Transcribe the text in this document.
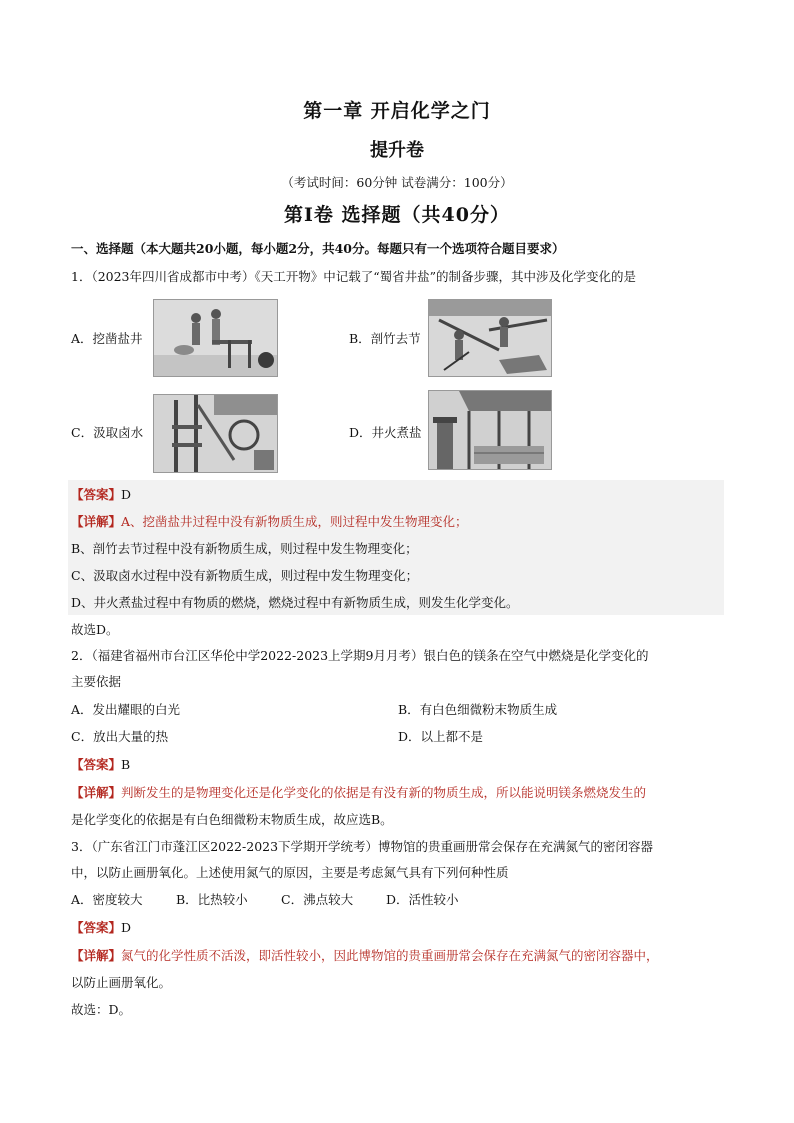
第一章 开启化学之门
提升卷
（考试时间：60分钟 试卷满分：100分）
第Ⅰ卷 选择题（共40分）
一、选择题（本大题共20小题，每小题2分，共40分。每题只有一个选项符合题目要求）
1．（2023年四川省成都市中考）《天工开物》中记载了“蜀省井盐”的制备步骤，其中涉及化学变化的是
A．挖凿盐井	B．剖竹去节
C．汲取卤水	D．井火煮盐
【答案】D
【详解】A、挖凿盐井过程中没有新物质生成，则过程中发生物理变化；
B、剖竹去节过程中没有新物质生成，则过程中发生物理变化；
C、汲取卤水过程中没有新物质生成，则过程中发生物理变化；
D、井火煮盐过程中有物质的燃烧，燃烧过程中有新物质生成，则发生化学变化。
故选D。
2．（福建省福州市台江区华伦中学2022-2023上学期9月月考）银白色的镁条在空气中燃烧是化学变化的
主要依据
A．发出耀眼的白光	B．有白色细微粉末物质生成
C．放出大量的热	D．以上都不是
【答案】B
【详解】判断发生的是物理变化还是化学变化的依据是有没有新的物质生成，所以能说明镁条燃烧发生的
是化学变化的依据是有白色细微粉末物质生成，故应选B。
3．（广东省江门市蓬江区2022-2023下学期开学统考）博物馆的贵重画册常会保存在充满氮气的密闭容器
中，以防止画册氧化。上述使用氮气的原因，主要是考虑氮气具有下列何种性质
A．密度较大	B．比热较小	C．沸点较大	D．活性较小
【答案】D
【详解】氮气的化学性质不活泼，即活性较小，因此博物馆的贵重画册常会保存在充满氮气的密闭容器中，
以防止画册氧化。
故选：D。
